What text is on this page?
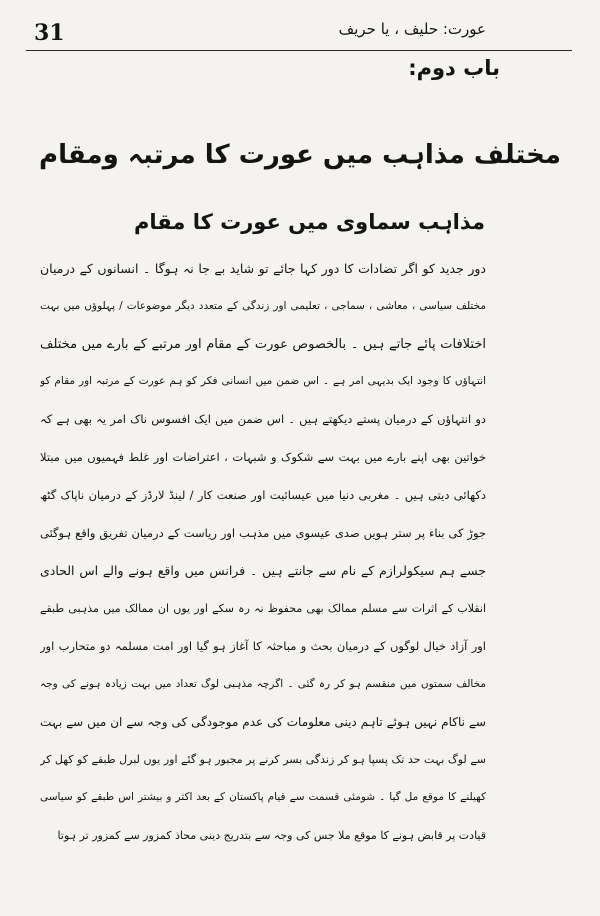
31	عورت: حلیف ، یا حریف
باب دوم:
مختلف مذاہب میں عورت کا مرتبہ ومقام
مذاہب سماوی میں عورت کا مقام
دور جدید کو اگر تضادات کا دور کہا جائے تو شاید بے جا نہ ہوگا ۔ انسانوں کے درمیان
مختلف سیاسی ، معاشی ، سماجی ، تعلیمی اور زندگی کے متعدد دیگر موضوعات / پہلوؤں میں بہت
اختلافات پائے جاتے ہیں ۔ بالخصوص عورت کے مقام اور مرتبے کے بارے میں مختلف
انتہاؤں کا وجود ایک بدیہی امر ہے ۔ اس ضمن میں انسانی فکر کو ہم عورت کے مرتبہ اور مقام کو
دو انتہاؤں کے درمیان پستے دیکھتے ہیں ۔ اس ضمن میں ایک افسوس ناک امر یہ بھی ہے کہ
خواتین بھی اپنے بارے میں بہت سے شکوک و شبہات ، اعتراضات اور غلط فہمیوں میں مبتلا
دکھائی دیتی ہیں ۔ مغربی دنیا میں عیسائیت اور صنعت کار / لینڈ لارڈز کے درمیان ناپاک گٹھ
جوڑ کی بناء پر ستر ہویں صدی عیسوی میں مذہب اور ریاست کے درمیان تفریق واقع ہوگئی
جسے ہم سیکولرازم کے نام سے جانتے ہیں ۔ فرانس میں واقع ہونے والے اس الحادی
انقلاب کے اثرات سے مسلم ممالک بھی محفوظ نہ رہ سکے اور یوں ان ممالک میں مذہبی طبقے
اور آزاد خیال لوگوں کے درمیان بحث و مباحثہ کا آغاز ہو گیا اور امت مسلمہ دو متحارب اور
مخالف سمتوں میں منقسم ہو کر رہ گئی ۔ اگرچہ مذہبی لوگ تعداد میں بہت زیادہ ہونے کی وجہ
سے ناکام نہیں ہوئے تاہم دینی معلومات کی عدم موجودگی کی وجہ سے ان میں سے بہت
سے لوگ بہت حد تک پسپا ہو کر زندگی بسر کرنے پر مجبور ہو گئے اور یوں لبرل طبقے کو کھل کر
کھیلنے کا موقع مل گیا ۔ شومئی قسمت سے قیام پاکستان کے بعد اکثر و بیشتر اس طبقے کو سیاسی
قیادت پر قابض ہونے کا موقع ملا جس کی وجہ سے بتدریج دینی محاذ کمزور سے کمزور تر ہوتا
